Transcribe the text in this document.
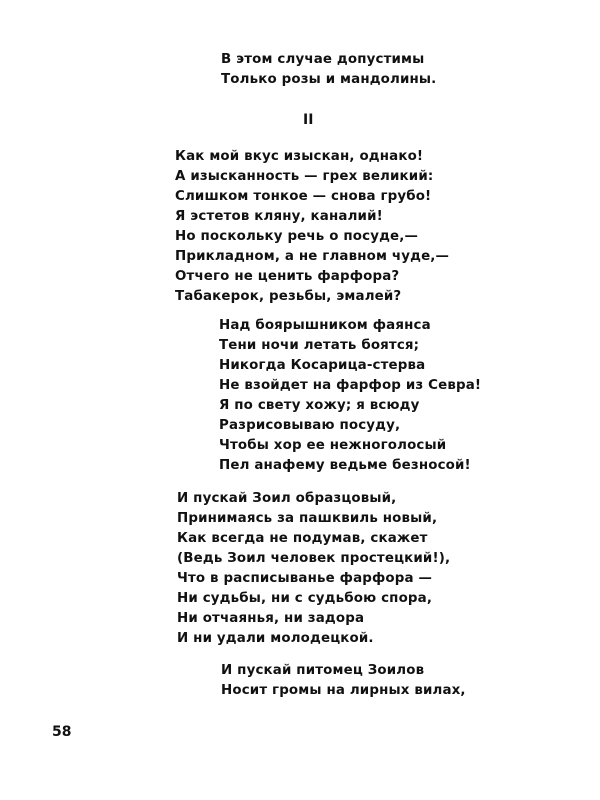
В этом случае допустимы
Только розы и мандолины.
II
Как мой вкус изыскан, однако!
А изысканность — грех великий:
Слишком тонкое — снова грубо!
Я эстетов кляну, каналий!
Но поскольку речь о посуде,—
Прикладном, а не главном чуде,—
Отчего не ценить фарфора?
Табакерок, резьбы, эмалей?
Над боярышником фаянса
Тени ночи летать боятся;
Никогда Косарица-стерва
Не взойдет на фарфор из Севра!
Я по свету хожу; я всюду
Разрисовываю посуду,
Чтобы хор ее нежноголосый
Пел анафему ведьме безносой!
И пускай Зоил образцовый,
Принимаясь за пашквиль новый,
Как всегда не подумав, скажет
(Ведь Зоил человек простецкий!),
Что в расписыванье фарфора —
Ни судьбы, ни с судьбою спора,
Ни отчаянья, ни задора
И ни удали молодецкой.
И пускай питомец Зоилов
Носит громы на лирных вилах,
58
